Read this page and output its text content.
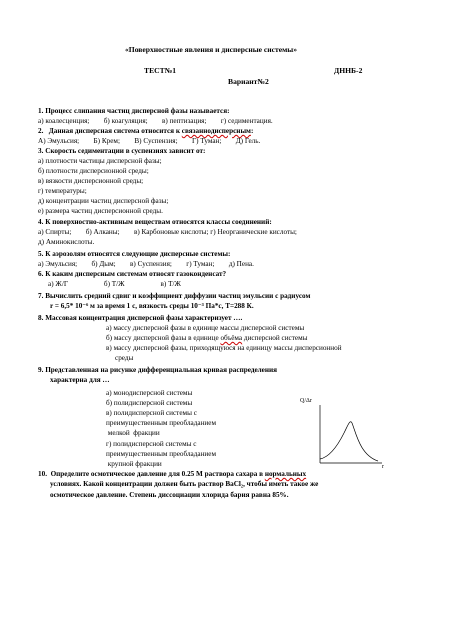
«Поверхностные явления и дисперсные системы»
ТЕСТ№1	ДННБ-2
Вариант№2
1. Процесс слипания частиц дисперсной фазы называется:
а) коалесценция;        б) коагуляция;        в) пептизация;        г) седиментация.
2.   Данная дисперсная система относится к связаннодисперсным:
А) Эмульсия;        Б) Крем;        В) Суспензия;        Г) Туман;        Д) Гель.
3. Скорость седиментации в суспензиях зависит от:
а) плотности частицы дисперсной фазы;
б) плотности дисперсионной среды;
в) вязкости дисперсионной среды;
г) температуры;
д) концентрации частиц дисперсной фазы;
е) размера частиц дисперсионной среды.
4. К поверхностно-активным веществам относятся классы соединений:
а) Спирты;        б) Алканы;        в) Карбоновые кислоты; г) Неорганические кислоты;
д) Аминокислоты.
5. К аэрозолям относятся следующие дисперсные системы:
а) Эмульсия;        б) Дым;        в) Суспензия;        г) Туман;        д) Пена.
6. К каким дисперсным системам относят газоконденсат?
а) Ж/Г                    б) Т/Ж                    в) Т/Ж
7. Вычислить средний сдвиг и коэффициент диффузии частиц эмульсии с радиусом
r = 6,5* 10⁻⁶ м за время 1 с, вязкость среды 10⁻³ Па*с, Т=288 К.
8. Массовая концентрация дисперсной фазы характеризует ….
а) массу дисперсной фазы в единице массы дисперсной системы
б) массу дисперсной фазы в единице объёма дисперсной системы
в) массу дисперсной фазы, приходящуюся на единицу массы дисперсионной
среды
9. Представленная на рисунке дифференциальная кривая распределения
характерна для …
а) монодисперсной системы
б) полидисперсной системы
в) полидисперсной системы с
преимущественным преобладанием
мелкой  фракции
г) полидисперсной системы с
преимущественным преобладанием
крупной фракции
Q/Δr
r
10.  Определите осмотическое давление для 0.25 М раствора сахара в нормальных
условиях. Какой концентрации должен быть раствор BaCl₂, чтобы иметь такое же
осмотическое давление. Степень диссоциации хлорида бария равна 85%.
